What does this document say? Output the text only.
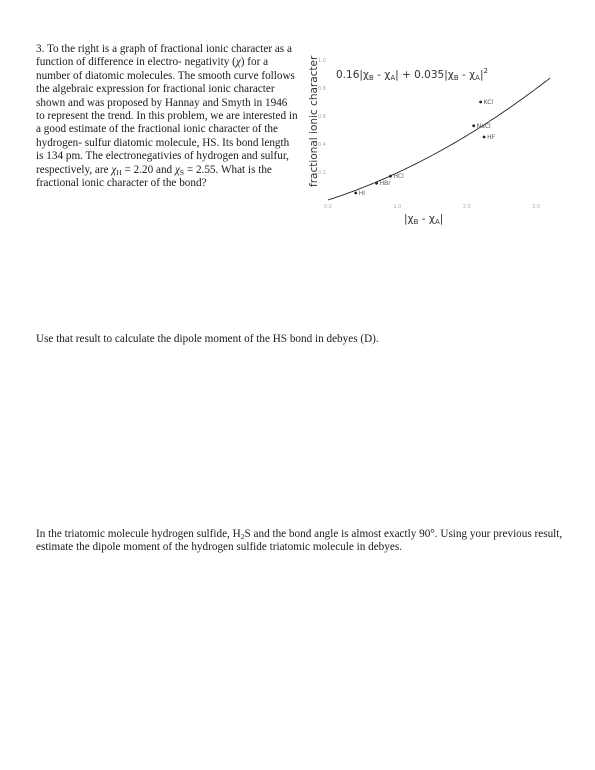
3. To the right is a graph of fractional ionic character as a function of difference in electro- negativity (χ) for a number of diatomic molecules. The smooth curve follows the algebraic expression for fractional ionic character shown and was proposed by Hannay and Smyth in 1946 to represent the trend. In this problem, we are interested in a good estimate of the fractional ionic character of the hydrogen- sulfur diatomic molecule, HS. Its bond length is 134 pm. The electronegativies of hydrogen and sulfur, respectively, are $\chi_H = 2.20$ and $\chi_S = 2.55$. What is the fractional ionic character of the bond?	fractional ionic character $0.16|\chi B - \chi A| + 0.035|\chi B - \chi A|^2$
|χB - χA|
0.0	1.0	2.0	3.0
0.2
0.4
0.6
0.8
1.0
HI
HBr
HCl
KCl
HF
NaCl

Use that result to calculate the dipole moment of the HS bond in debyes (D).

In the triatomic molecule hydrogen sulfide, $H_2S$ and the bond angle is almost exactly 90°. Using your previous result, estimate the dipole moment of the hydrogen sulfide triatomic molecule in debyes.
